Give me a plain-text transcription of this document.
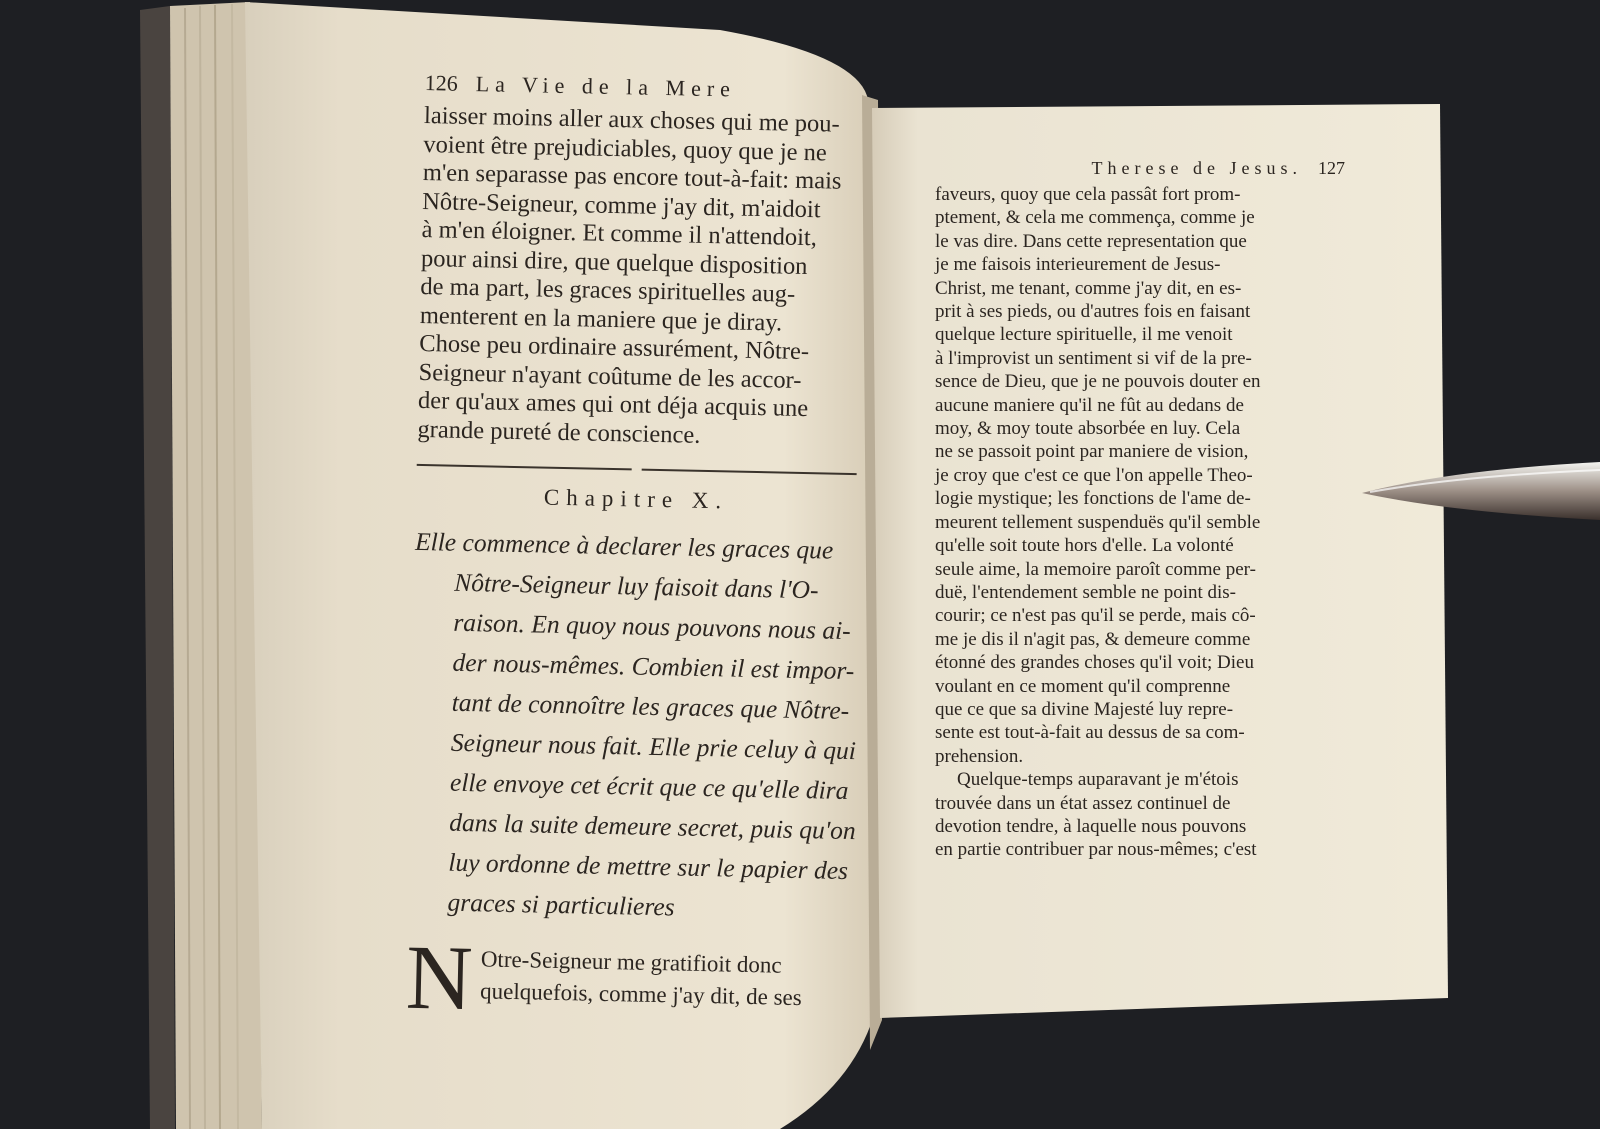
126 La Vie de la Mere
laisser moins aller aux choses qui me pou-
voient être prejudiciables, quoy que je ne
m'en separasse pas encore tout-à-fait: mais
Nôtre-Seigneur, comme j'ay dit, m'aidoit
à m'en éloigner. Et comme il n'attendoit,
pour ainsi dire, que quelque disposition
de ma part, les graces spirituelles aug-
menterent en la maniere que je diray.
Chose peu ordinaire assurément, Nôtre-
Seigneur n'ayant coûtume de les accor-
der qu'aux ames qui ont déja acquis une
grande pureté de conscience.
Chapitre X.
Elle commence à declarer les graces que
Nôtre-Seigneur luy faisoit dans l'O-
raison. En quoy nous pouvons nous ai-
der nous-mêmes. Combien il est impor-
tant de connoître les graces que Nôtre-
Seigneur nous fait. Elle prie celuy à qui
elle envoye cet écrit que ce qu'elle dira
dans la suite demeure secret, puis qu'on
luy ordonne de mettre sur le papier des
graces si particulieres
N Otre-Seigneur me gratifioit donc
quelquefois, comme j'ay dit, de ses
Therese de Jesus. 127
faveurs, quoy que cela passât fort prom-
ptement, & cela me commença, comme je
le vas dire. Dans cette representation que
je me faisois interieurement de Jesus-
Christ, me tenant, comme j'ay dit, en es-
prit à ses pieds, ou d'autres fois en faisant
quelque lecture spirituelle, il me venoit
à l'improvist un sentiment si vif de la pre-
sence de Dieu, que je ne pouvois douter en
aucune maniere qu'il ne fût au dedans de
moy, & moy toute absorbée en luy. Cela
ne se passoit point par maniere de vision,
je croy que c'est ce que l'on appelle Theo-
logie mystique; les fonctions de l'ame de-
meurent tellement suspenduës qu'il semble
qu'elle soit toute hors d'elle. La volonté
seule aime, la memoire paroît comme per-
duë, l'entendement semble ne point dis-
courir; ce n'est pas qu'il se perde, mais cô-
me je dis il n'agit pas, & demeure comme
étonné des grandes choses qu'il voit; Dieu
voulant en ce moment qu'il comprenne
que ce que sa divine Majesté luy repre-
sente est tout-à-fait au dessus de sa com-
prehension.
Quelque-temps auparavant je m'étois
trouvée dans un état assez continuel de
devotion tendre, à laquelle nous pouvons
en partie contribuer par nous-mêmes; c'est
